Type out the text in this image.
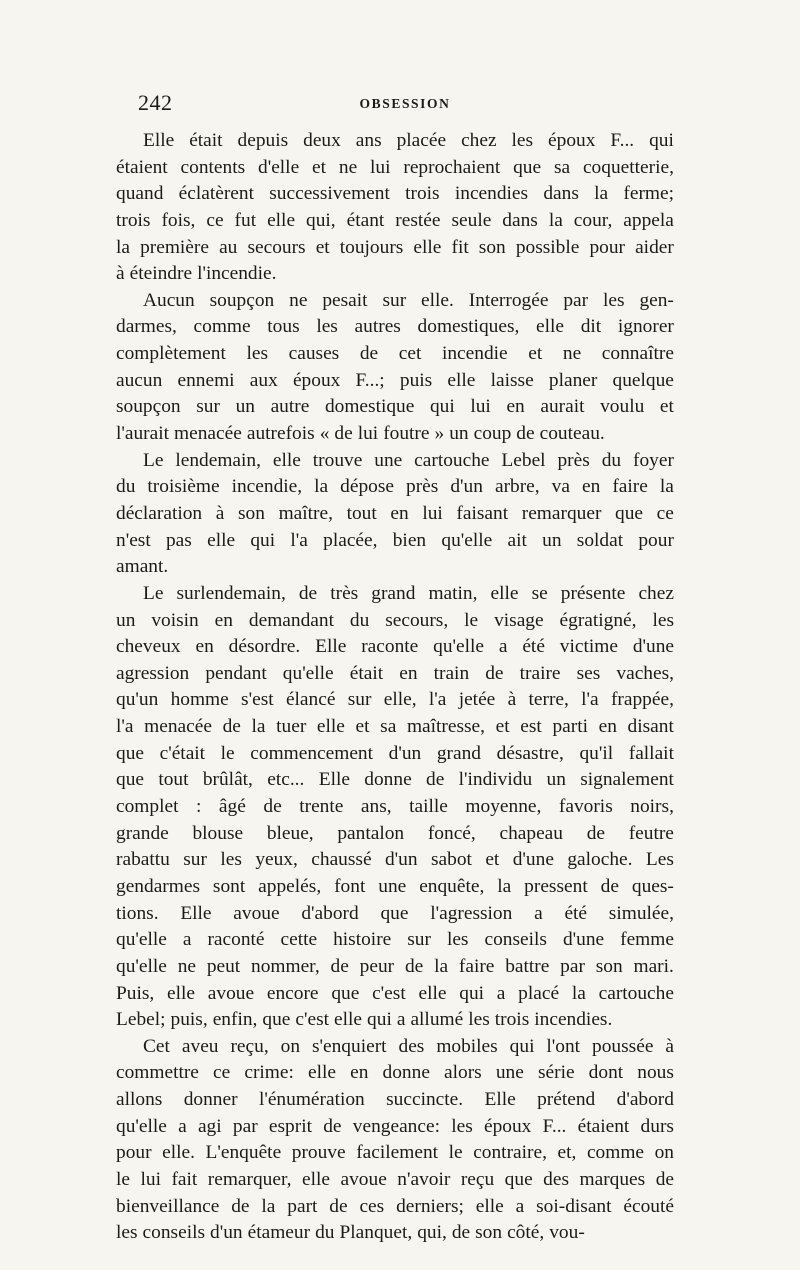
242	OBSESSION
Elle était depuis deux ans placée chez les époux F... qui
étaient contents d'elle et ne lui reprochaient que sa coquetterie,
quand éclatèrent successivement trois incendies dans la ferme;
trois fois, ce fut elle qui, étant restée seule dans la cour, appela
la première au secours et toujours elle fit son possible pour aider
à éteindre l'incendie.
Aucun soupçon ne pesait sur elle. Interrogée par les gen-
darmes, comme tous les autres domestiques, elle dit ignorer
complètement les causes de cet incendie et ne connaître
aucun ennemi aux époux F...; puis elle laisse planer quelque
soupçon sur un autre domestique qui lui en aurait voulu et
l'aurait menacée autrefois « de lui foutre » un coup de couteau.
Le lendemain, elle trouve une cartouche Lebel près du foyer
du troisième incendie, la dépose près d'un arbre, va en faire la
déclaration à son maître, tout en lui faisant remarquer que ce
n'est pas elle qui l'a placée, bien qu'elle ait un soldat pour
amant.
Le surlendemain, de très grand matin, elle se présente chez
un voisin en demandant du secours, le visage égratigné, les
cheveux en désordre. Elle raconte qu'elle a été victime d'une
agression pendant qu'elle était en train de traire ses vaches,
qu'un homme s'est élancé sur elle, l'a jetée à terre, l'a frappée,
l'a menacée de la tuer elle et sa maîtresse, et est parti en disant
que c'était le commencement d'un grand désastre, qu'il fallait
que tout brûlât, etc... Elle donne de l'individu un signalement
complet : âgé de trente ans, taille moyenne, favoris noirs,
grande blouse bleue, pantalon foncé, chapeau de feutre
rabattu sur les yeux, chaussé d'un sabot et d'une galoche. Les
gendarmes sont appelés, font une enquête, la pressent de ques-
tions. Elle avoue d'abord que l'agression a été simulée,
qu'elle a raconté cette histoire sur les conseils d'une femme
qu'elle ne peut nommer, de peur de la faire battre par son mari.
Puis, elle avoue encore que c'est elle qui a placé la cartouche
Lebel; puis, enfin, que c'est elle qui a allumé les trois incendies.
Cet aveu reçu, on s'enquiert des mobiles qui l'ont poussée à
commettre ce crime: elle en donne alors une série dont nous
allons donner l'énumération succincte. Elle prétend d'abord
qu'elle a agi par esprit de vengeance: les époux F... étaient durs
pour elle. L'enquête prouve facilement le contraire, et, comme on
le lui fait remarquer, elle avoue n'avoir reçu que des marques de
bienveillance de la part de ces derniers; elle a soi-disant écouté
les conseils d'un étameur du Planquet, qui, de son côté, vou-
